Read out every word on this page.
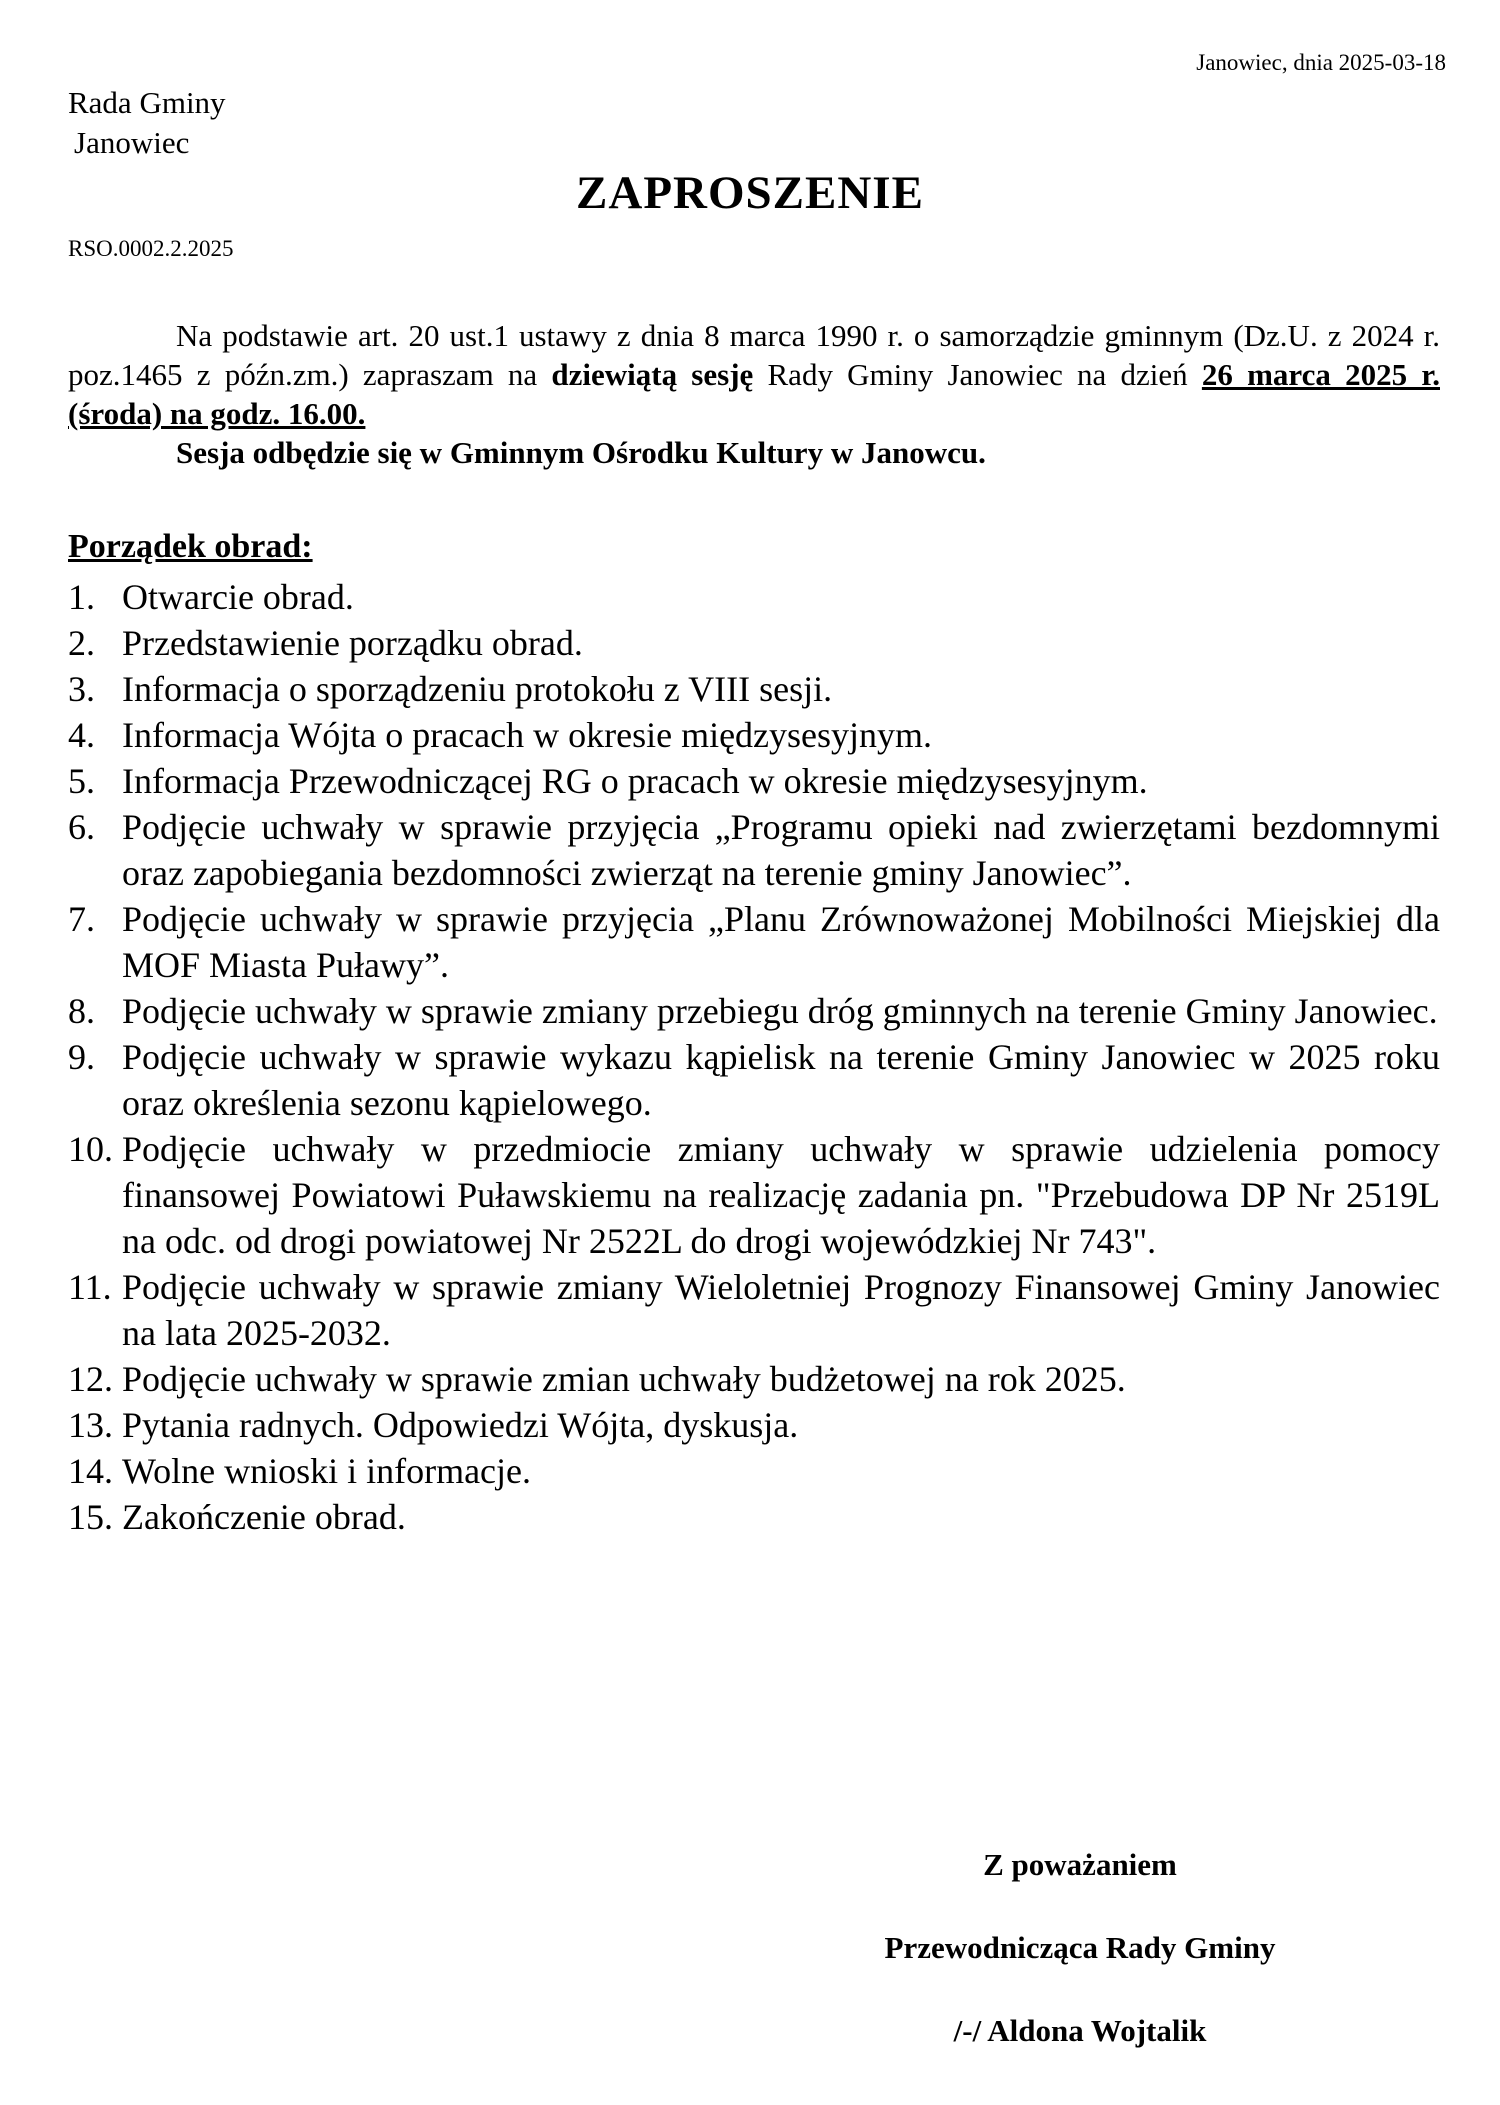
Janowiec, dnia 2025-03-18
Rada Gminy
Janowiec
ZAPROSZENIE
RSO.0002.2.2025
Na podstawie art. 20 ust.1 ustawy z dnia 8 marca 1990 r. o samorządzie gminnym (Dz.U. z 2024 r. poz.1465 z późn.zm.) zapraszam na dziewiątą sesję Rady Gminy Janowiec na dzień 26 marca 2025 r. (środa) na godz. 16.00.
Sesja odbędzie się w Gminnym Ośrodku Kultury w Janowcu.
Porządek obrad:
1. Otwarcie obrad.
2. Przedstawienie porządku obrad.
3. Informacja o sporządzeniu protokołu z VIII sesji.
4. Informacja Wójta o pracach w okresie międzysesyjnym.
5. Informacja Przewodniczącej RG o pracach w okresie międzysesyjnym.
6. Podjęcie uchwały w sprawie przyjęcia „Programu opieki nad zwierzętami bezdomnymi oraz zapobiegania bezdomności zwierząt na terenie gminy Janowiec”.
7. Podjęcie uchwały w sprawie przyjęcia „Planu Zrównoważonej Mobilności Miejskiej dla MOF Miasta Puławy”.
8. Podjęcie uchwały w sprawie zmiany przebiegu dróg gminnych na terenie Gminy Janowiec.
9. Podjęcie uchwały w sprawie wykazu kąpielisk na terenie Gminy Janowiec w 2025 roku oraz określenia sezonu kąpielowego.
10. Podjęcie uchwały w przedmiocie zmiany uchwały w sprawie udzielenia pomocy finansowej Powiatowi Puławskiemu na realizację zadania pn. "Przebudowa DP Nr 2519L na odc. od drogi powiatowej Nr 2522L do drogi wojewódzkiej Nr 743".
11. Podjęcie uchwały w sprawie zmiany Wieloletniej Prognozy Finansowej Gminy Janowiec na lata 2025-2032.
12. Podjęcie uchwały w sprawie zmian uchwały budżetowej na rok 2025.
13. Pytania radnych. Odpowiedzi Wójta, dyskusja.
14. Wolne wnioski i informacje.
15. Zakończenie obrad.
Z poważaniem
Przewodnicząca Rady Gminy
/-/ Aldona Wojtalik
